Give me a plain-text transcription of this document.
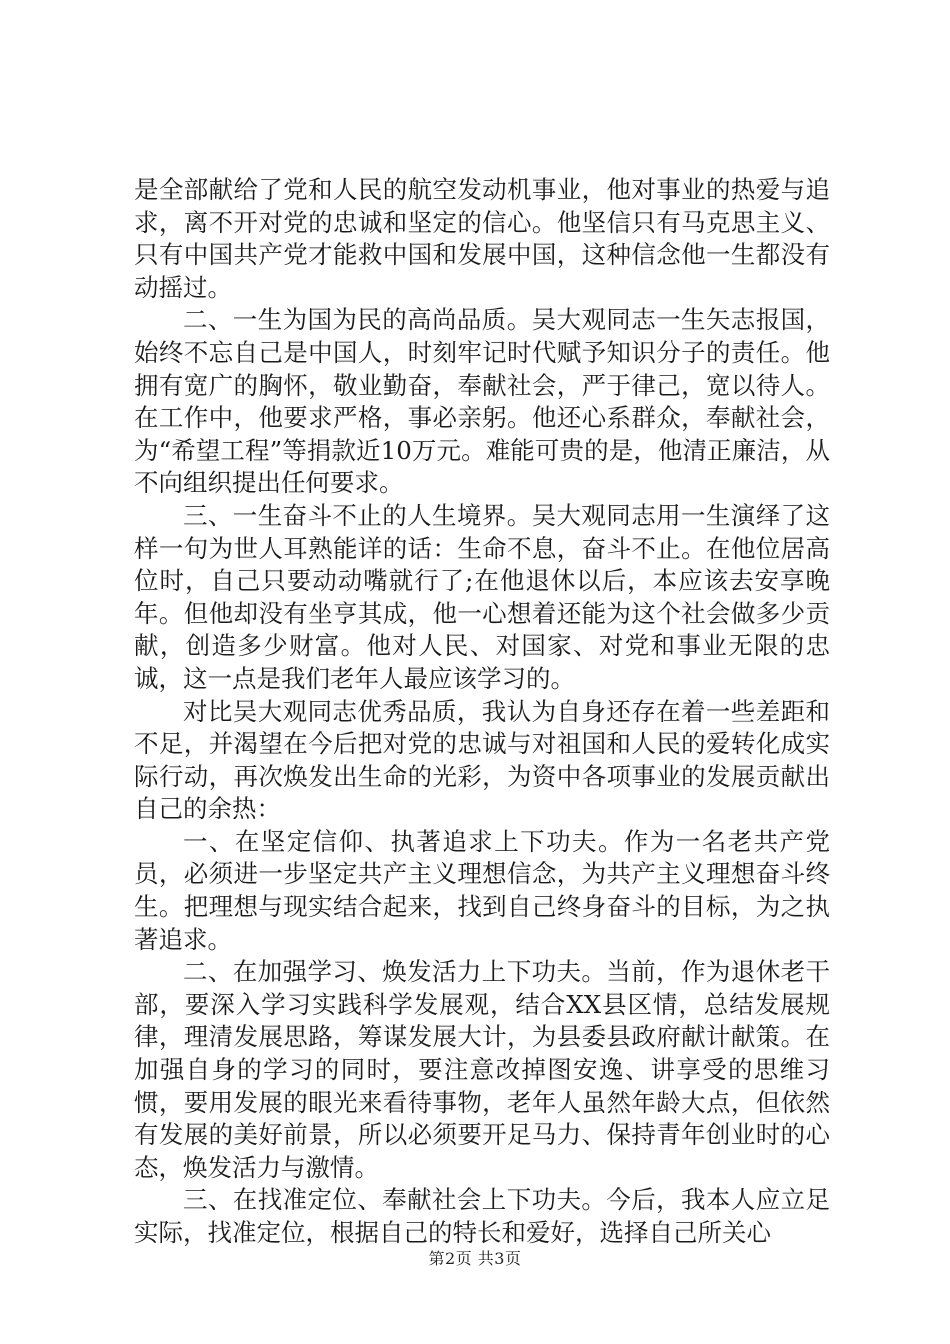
是全部献给了党和人民的航空发动机事业，他对事业的热爱与追求，离不开对党的忠诚和坚定的信心。他坚信只有马克思主义、只有中国共产党才能救中国和发展中国，这种信念他一生都没有动摇过。

二、一生为国为民的高尚品质。吴大观同志一生矢志报国，始终不忘自己是中国人，时刻牢记时代赋予知识分子的责任。他拥有宽广的胸怀，敬业勤奋，奉献社会，严于律己，宽以待人。在工作中，他要求严格，事必亲躬。他还心系群众，奉献社会，为“希望工程”等捐款近10万元。难能可贵的是，他清正廉洁，从不向组织提出任何要求。

三、一生奋斗不止的人生境界。吴大观同志用一生演绎了这样一句为世人耳熟能详的话：生命不息，奋斗不止。在他位居高位时，自己只要动动嘴就行了;在他退休以后，本应该去安享晚年。但他却没有坐亨其成，他一心想着还能为这个社会做多少贡献，创造多少财富。他对人民、对国家、对党和事业无限的忠诚，这一点是我们老年人最应该学习的。

对比吴大观同志优秀品质，我认为自身还存在着一些差距和不足，并渴望在今后把对党的忠诚与对祖国和人民的爱转化成实际行动，再次焕发出生命的光彩，为资中各项事业的发展贡献出自己的余热：

一、在坚定信仰、执著追求上下功夫。作为一名老共产党员，必须进一步坚定共产主义理想信念，为共产主义理想奋斗终生。把理想与现实结合起来，找到自己终身奋斗的目标，为之执著追求。

二、在加强学习、焕发活力上下功夫。当前，作为退休老干部，要深入学习实践科学发展观，结合XX县区情，总结发展规律，理清发展思路，筹谋发展大计，为县委县政府献计献策。在加强自身的学习的同时，要注意改掉图安逸、讲享受的思维习惯，要用发展的眼光来看待事物，老年人虽然年龄大点，但依然有发展的美好前景，所以必须要开足马力、保持青年创业时的心态，焕发活力与激情。

三、在找准定位、奉献社会上下功夫。今后，我本人应立足实际，找准定位，根据自己的特长和爱好，选择自己所关心

第2页 共3页
